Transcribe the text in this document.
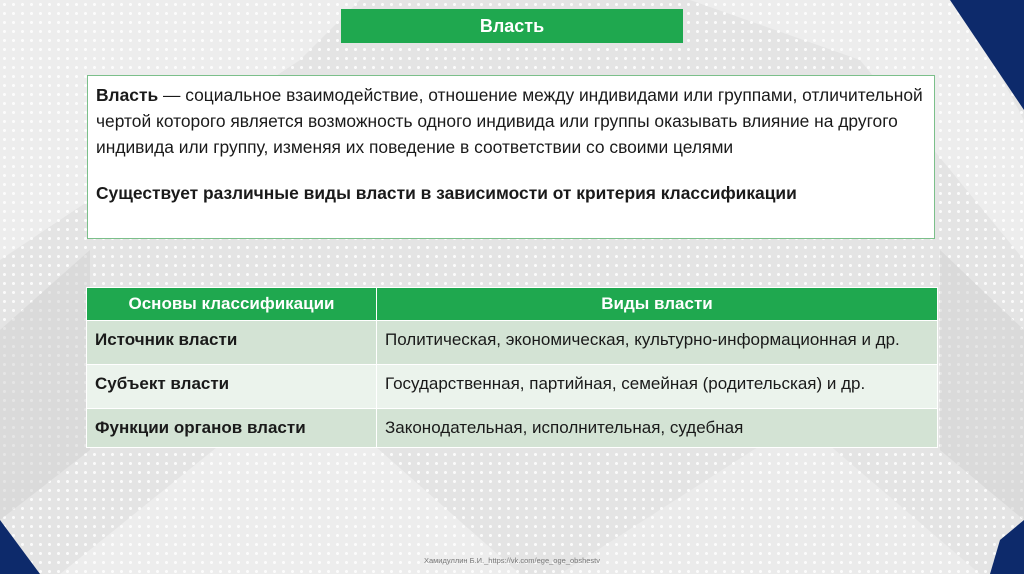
Власть

Власть — социальное взаимодействие, отношение между индивидами или группами, отличительной чертой которого является возможность одного индивида или группы оказывать влияние на другого индивида или группу, изменяя их поведение в соответствии со своими целями

Существует различные виды власти в зависимости от критерия классификации

Основы классификации	Виды власти
Источник власти	Политическая, экономическая, культурно-информационная и др.
Субъект власти	Государственная, партийная, семейная (родительская) и др.
Функции органов власти	Законодательная, исполнительная, судебная
Хамидуллин Б.И._https://vk.com/ege_oge_obshestv
